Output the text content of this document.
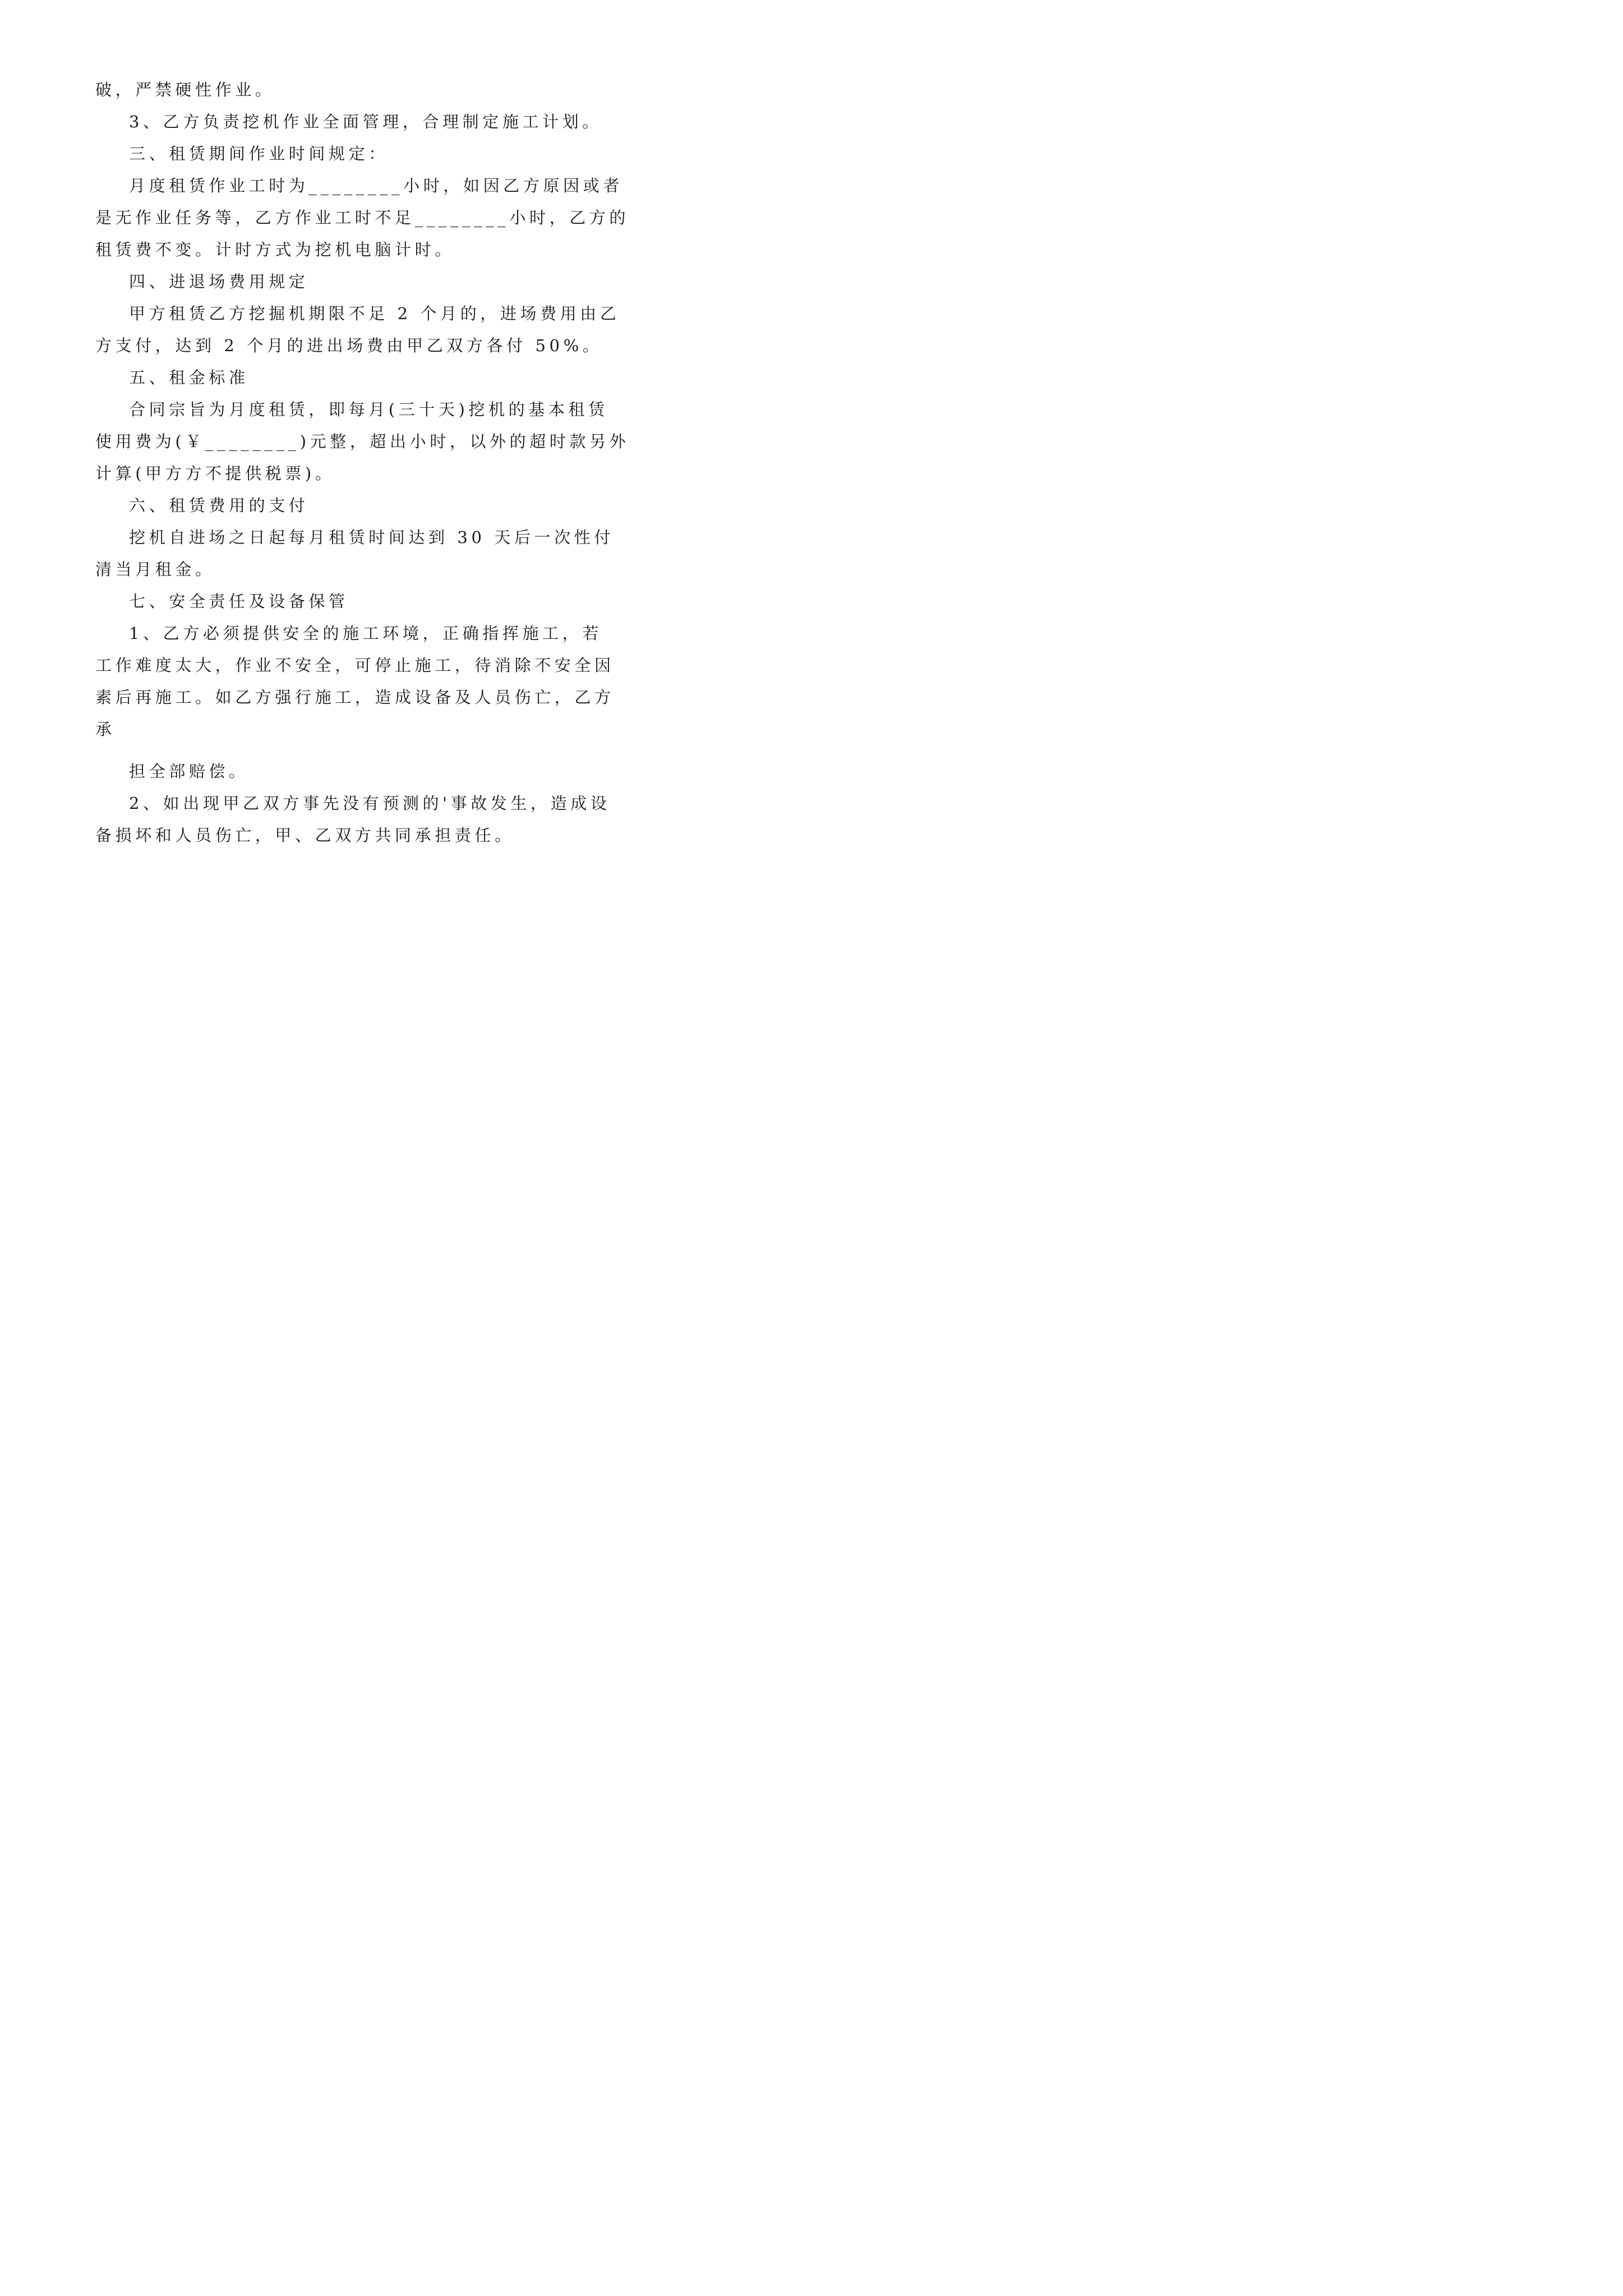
破，严禁硬性作业。
3、乙方负责挖机作业全面管理，合理制定施工计划。
三、租赁期间作业时间规定：
月度租赁作业工时为________小时，如因乙方原因或者
是无作业任务等，乙方作业工时不足________小时，乙方的
租赁费不变。计时方式为挖机电脑计时。
四、进退场费用规定
甲方租赁乙方挖掘机期限不足 2 个月的，进场费用由乙
方支付，达到 2 个月的进出场费由甲乙双方各付 50%。
五、租金标准
合同宗旨为月度租赁，即每月(三十天)挖机的基本租赁
使用费为(￥________)元整，超出小时，以外的超时款另外
计算(甲方方不提供税票)。
六、租赁费用的支付
挖机自进场之日起每月租赁时间达到 30 天后一次性付
清当月租金。
七、安全责任及设备保管
1、乙方必须提供安全的施工环境，正确指挥施工，若
工作难度太大，作业不安全，可停止施工，待消除不安全因
素后再施工。如乙方强行施工，造成设备及人员伤亡，乙方
承
担全部赔偿。
2、如出现甲乙双方事先没有预测的'事故发生，造成设
备损坏和人员伤亡，甲、乙双方共同承担责任。
